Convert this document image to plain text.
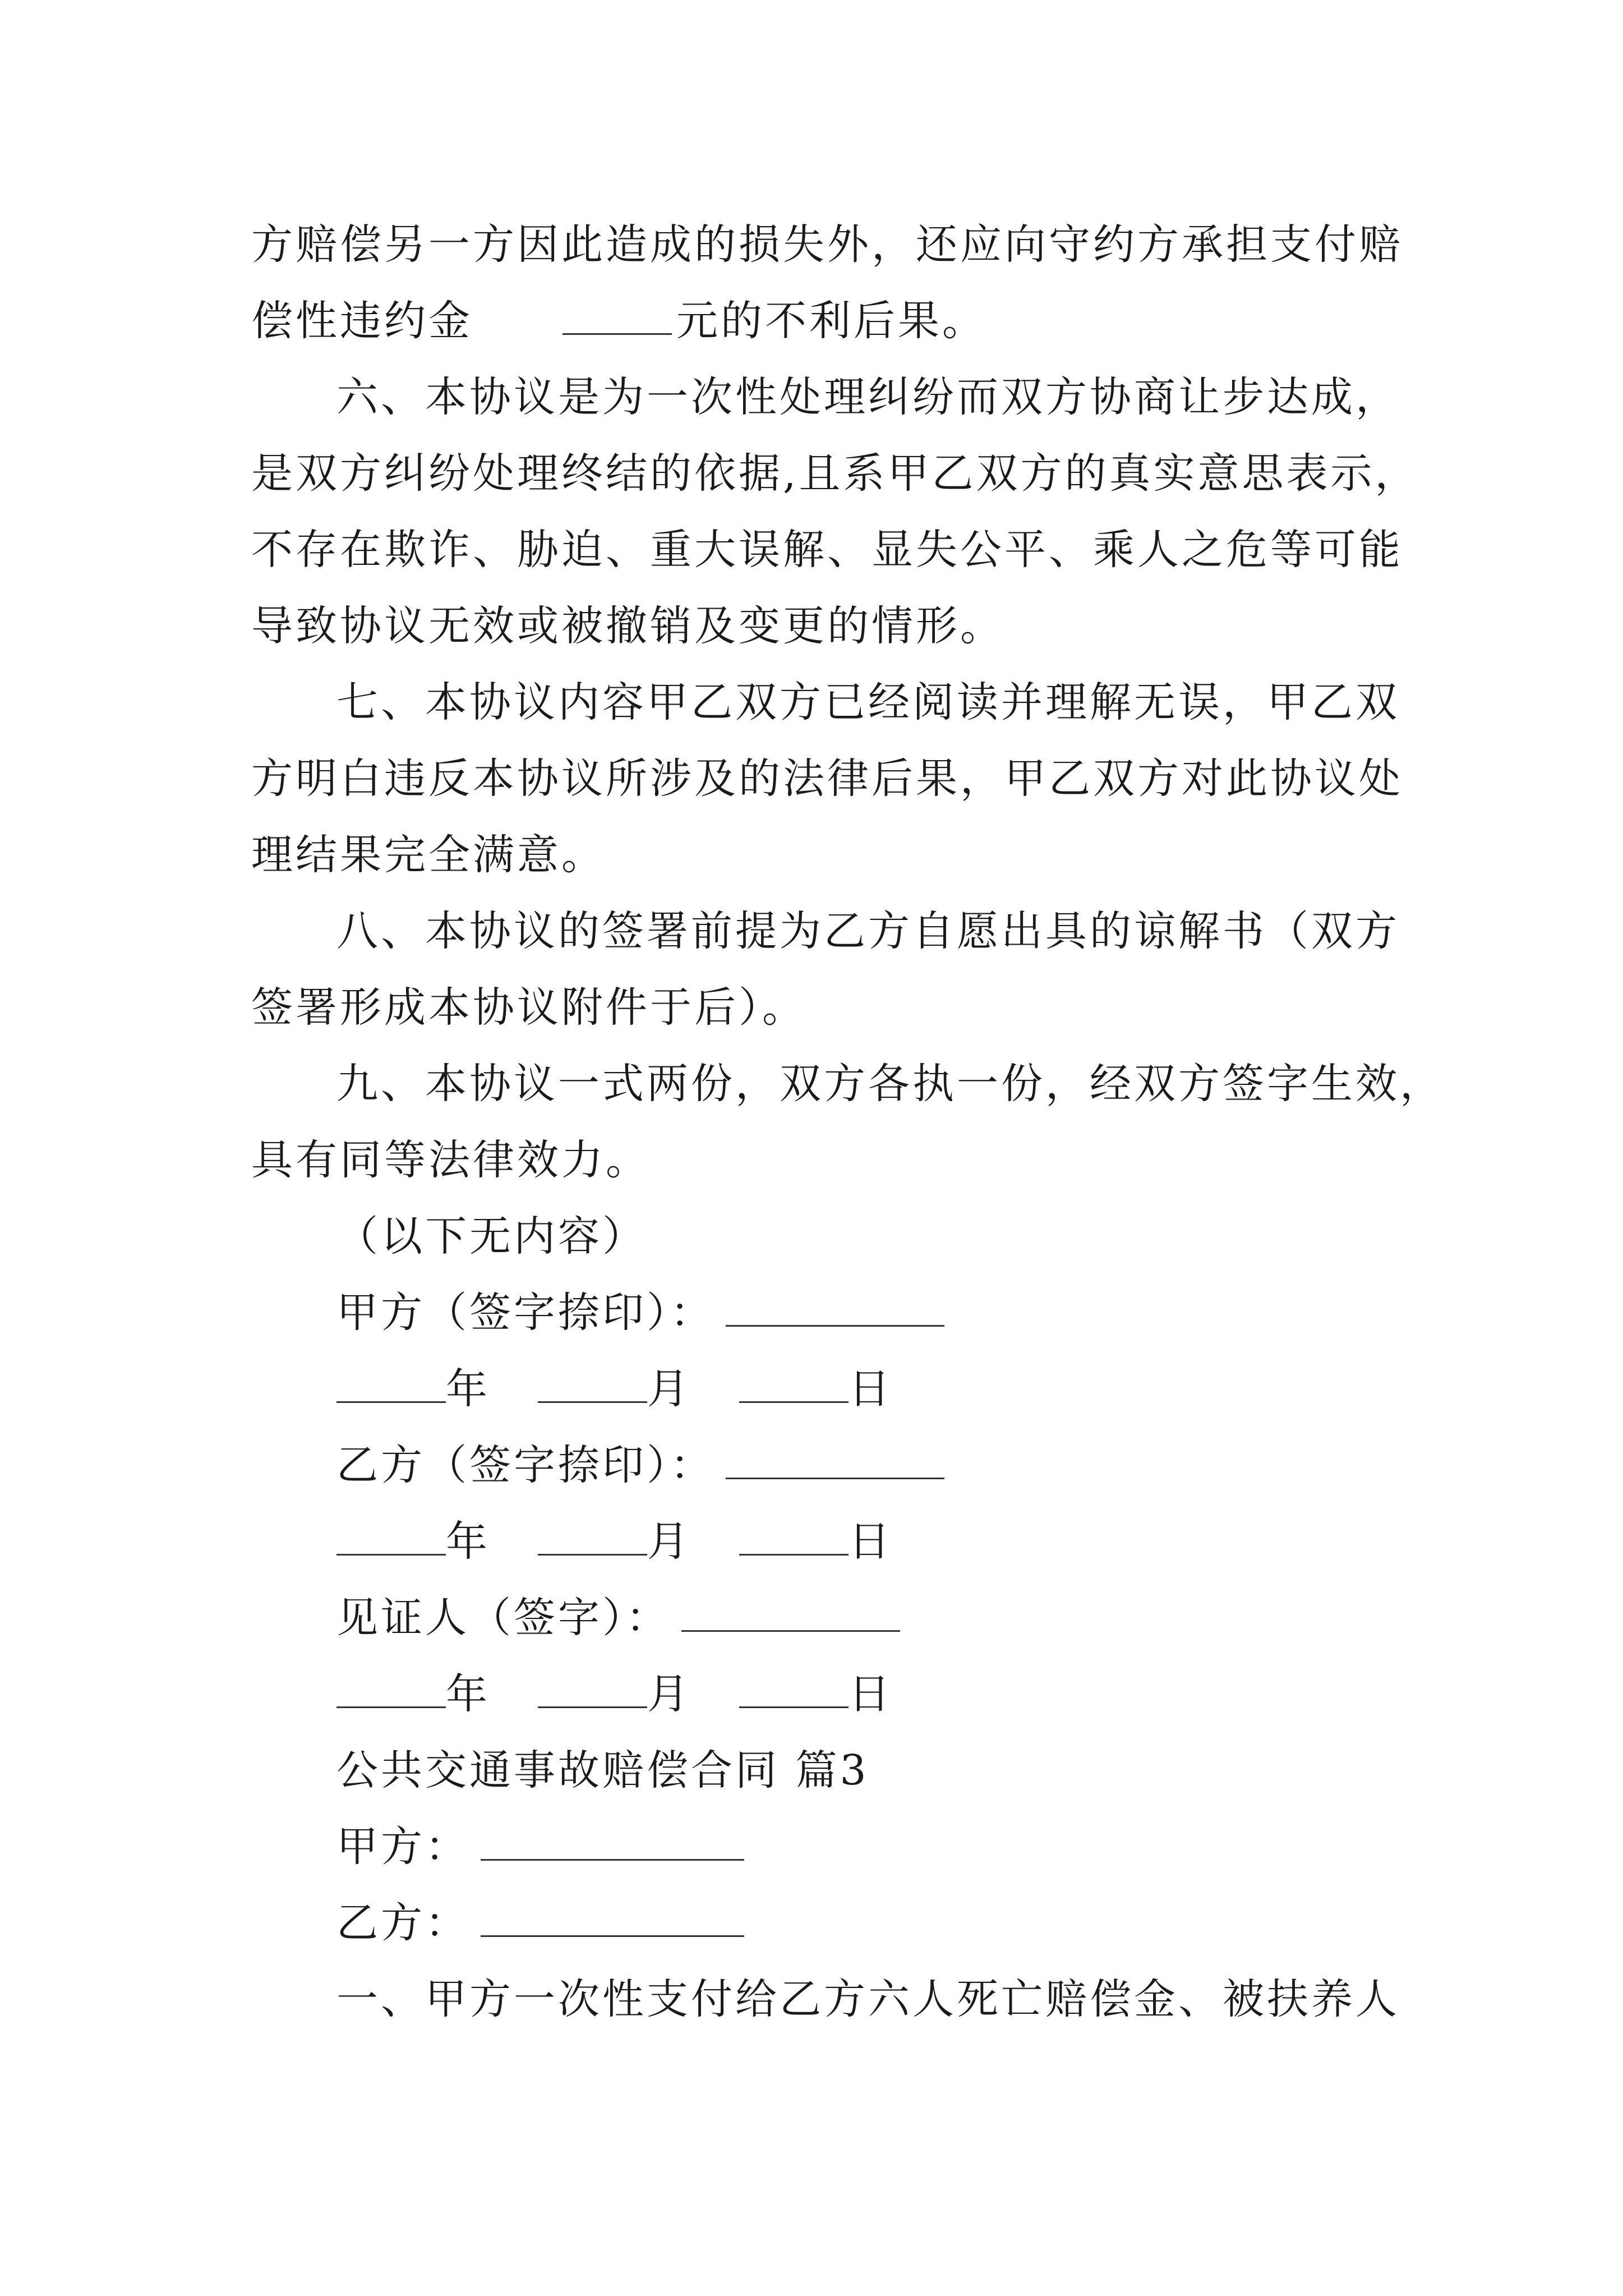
方赔偿另一方因此造成的损失外，还应向守约方承担支付赔
偿性违约金	元的不利后果。
六、本协议是为一次性处理纠纷而双方协商让步达成，
是双方纠纷处理终结的依据,且系甲乙双方的真实意思表示，
不存在欺诈、胁迫、重大误解、显失公平、乘人之危等可能
导致协议无效或被撤销及变更的情形。
七、本协议内容甲乙双方已经阅读并理解无误，甲乙双
方明白违反本协议所涉及的法律后果，甲乙双方对此协议处
理结果完全满意。
八、本协议的签署前提为乙方自愿出具的谅解书（双方
签署形成本协议附件于后）。
九、本协议一式两份，双方各执一份，经双方签字生效，
具有同等法律效力。
（以下无内容）
甲方（签字捺印）：
年	月	日
乙方（签字捺印）：
年	月	日
见证人（签字）：
年	月	日
公共交通事故赔偿合同 篇3
甲方：
乙方：
一、甲方一次性支付给乙方六人死亡赔偿金、被扶养人
